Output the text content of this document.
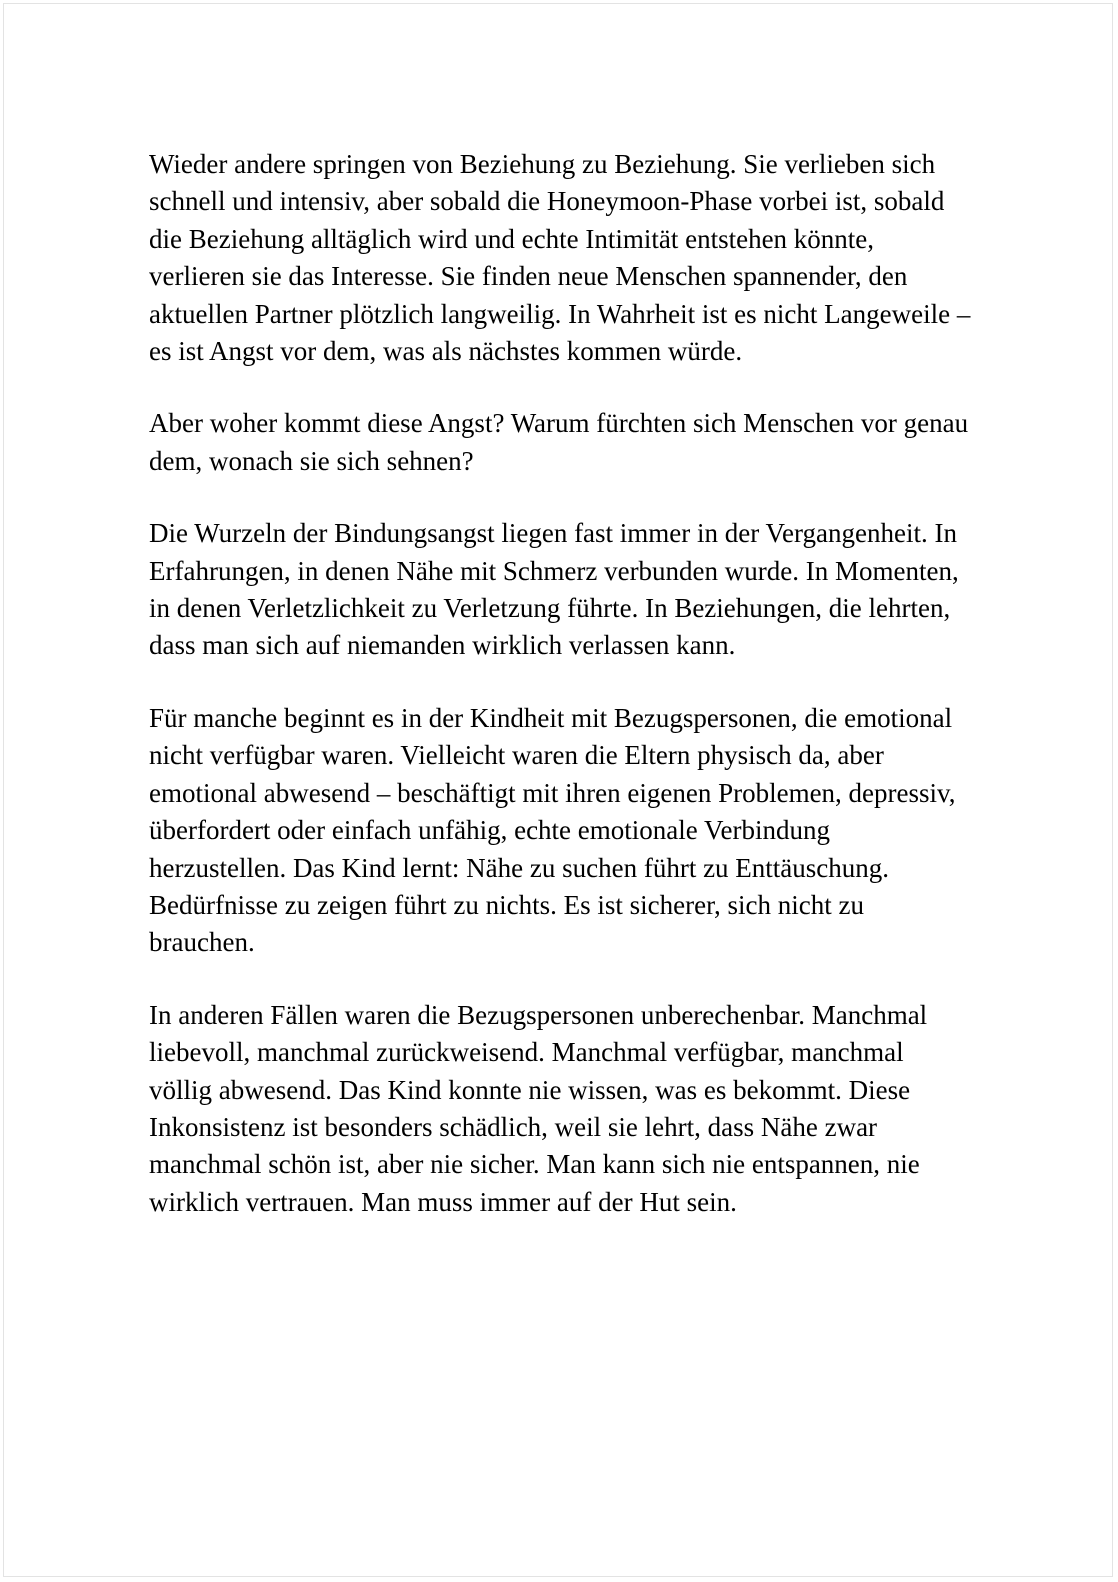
Wieder andere springen von Beziehung zu Beziehung. Sie verlieben sich schnell und intensiv, aber sobald die Honeymoon-Phase vorbei ist, sobald die Beziehung alltäglich wird und echte Intimität entstehen könnte, verlieren sie das Interesse. Sie finden neue Menschen spannender, den aktuellen Partner plötzlich langweilig. In Wahrheit ist es nicht Langeweile – es ist Angst vor dem, was als nächstes kommen würde.

Aber woher kommt diese Angst? Warum fürchten sich Menschen vor genau dem, wonach sie sich sehnen?

Die Wurzeln der Bindungsangst liegen fast immer in der Vergangenheit. In Erfahrungen, in denen Nähe mit Schmerz verbunden wurde. In Momenten, in denen Verletzlichkeit zu Verletzung führte. In Beziehungen, die lehrten, dass man sich auf niemanden wirklich verlassen kann.

Für manche beginnt es in der Kindheit mit Bezugspersonen, die emotional nicht verfügbar waren. Vielleicht waren die Eltern physisch da, aber emotional abwesend – beschäftigt mit ihren eigenen Problemen, depressiv, überfordert oder einfach unfähig, echte emotionale Verbindung herzustellen. Das Kind lernt: Nähe zu suchen führt zu Enttäuschung. Bedürfnisse zu zeigen führt zu nichts. Es ist sicherer, sich nicht zu brauchen.

In anderen Fällen waren die Bezugspersonen unberechenbar. Manchmal liebevoll, manchmal zurückweisend. Manchmal verfügbar, manchmal völlig abwesend. Das Kind konnte nie wissen, was es bekommt. Diese Inkonsistenz ist besonders schädlich, weil sie lehrt, dass Nähe zwar manchmal schön ist, aber nie sicher. Man kann sich nie entspannen, nie wirklich vertrauen. Man muss immer auf der Hut sein.
